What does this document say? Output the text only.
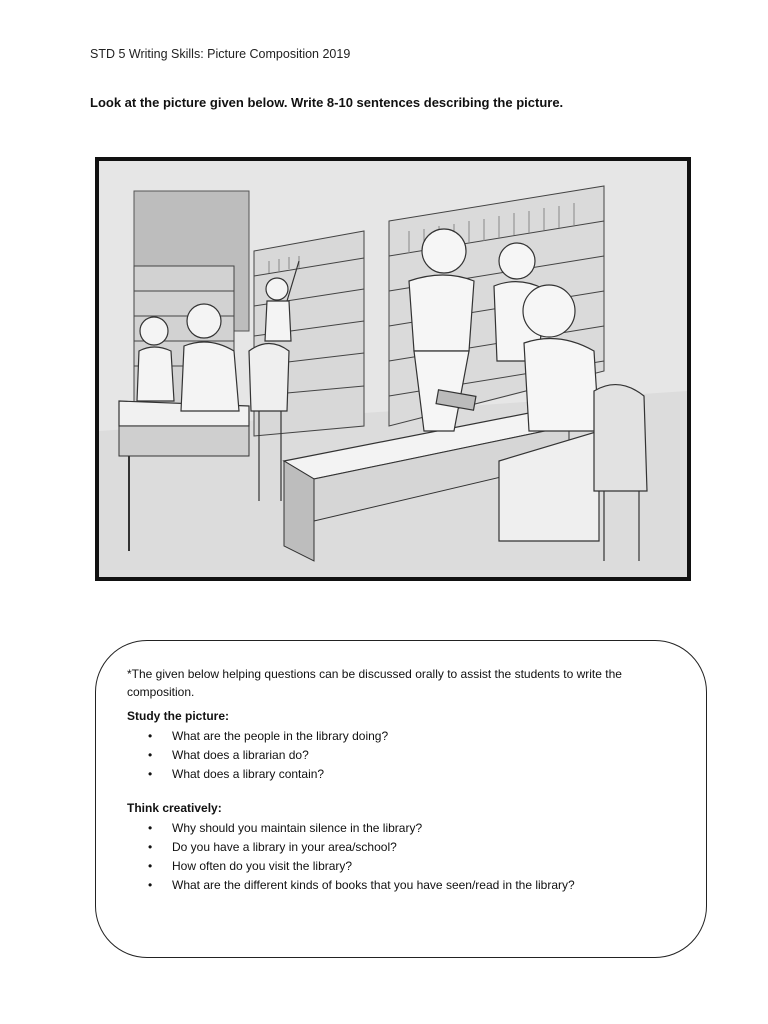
STD 5 Writing Skills: Picture Composition 2019
Look at the picture given below. Write 8-10 sentences describing the picture.

*The given below helping questions can be discussed orally to assist the students to write the composition.

Study the picture:

• What are the people in the library doing?
• What does a librarian do?
• What does a library contain?

Think creatively:

• Why should you maintain silence in the library?
• Do you have a library in your area/school?
• How often do you visit the library?
• What are the different kinds of books that you have seen/read in the library?
